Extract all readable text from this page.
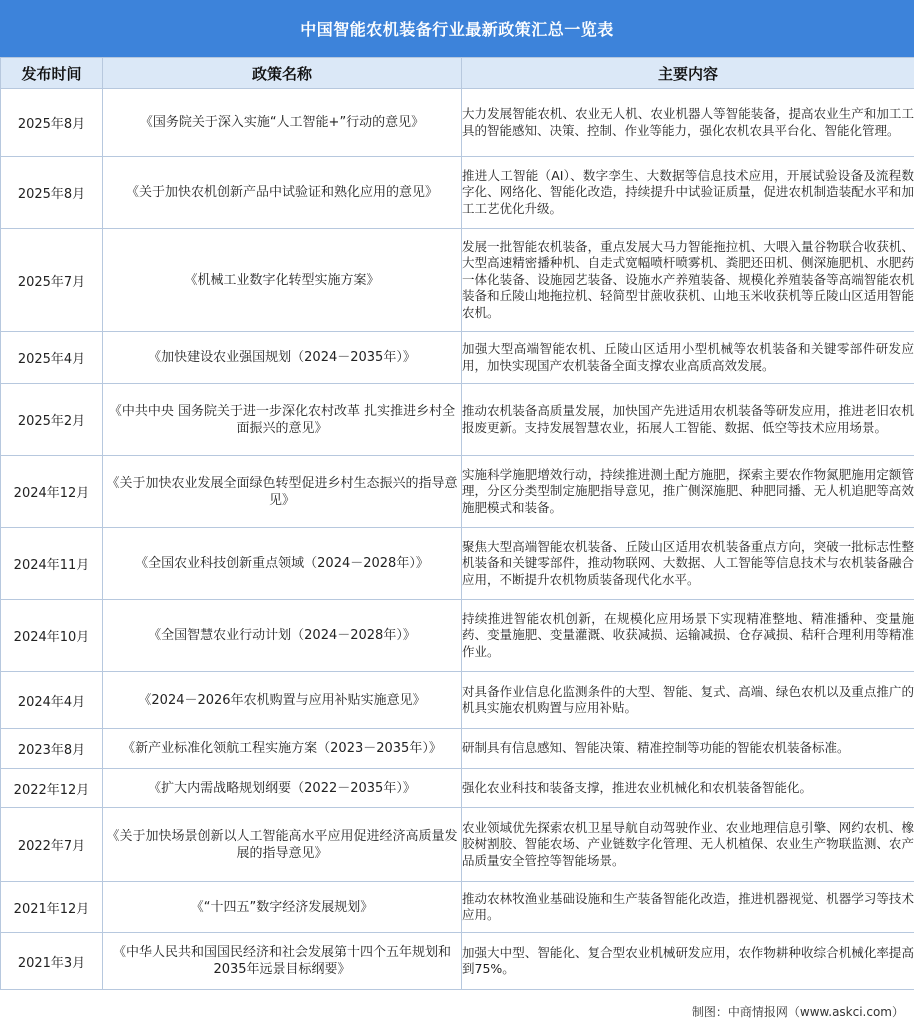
中国智能农机装备行业最新政策汇总一览表
发布时间	政策名称	主要内容
2025年8月	《国务院关于深入实施“人工智能+”行动的意见》	大力发展智能农机、农业无人机、农业机器人等智能装备，提高农业生产和加工工具的智能感知、决策、控制、作业等能力，强化农机农具平台化、智能化管理。
2025年8月	《关于加快农机创新产品中试验证和熟化应用的意见》	推进人工智能（AI）、数字孪生、大数据等信息技术应用，开展试验设备及流程数字化、网络化、智能化改造，持续提升中试验证质量，促进农机制造装配水平和加工工艺优化升级。
2025年7月	《机械工业数字化转型实施方案》	发展一批智能农机装备，重点发展大马力智能拖拉机、大喂入量谷物联合收获机、大型高速精密播种机、自走式宽幅喷杆喷雾机、粪肥还田机、侧深施肥机、水肥药一体化装备、设施园艺装备、设施水产养殖装备、规模化养殖装备等高端智能农机装备和丘陵山地拖拉机、轻简型甘蔗收获机、山地玉米收获机等丘陵山区适用智能农机。
2025年4月	《加快建设农业强国规划（2024－2035年）》	加强大型高端智能农机、丘陵山区适用小型机械等农机装备和关键零部件研发应用，加快实现国产农机装备全面支撑农业高质高效发展。
2025年2月	《中共中央 国务院关于进一步深化农村改革 扎实推进乡村全面振兴的意见》	推动农机装备高质量发展，加快国产先进适用农机装备等研发应用，推进老旧农机报废更新。支持发展智慧农业，拓展人工智能、数据、低空等技术应用场景。
2024年12月	《关于加快农业发展全面绿色转型促进乡村生态振兴的指导意见》	实施科学施肥增效行动，持续推进测土配方施肥，探索主要农作物氮肥施用定额管理，分区分类型制定施肥指导意见，推广侧深施肥、种肥同播、无人机追肥等高效施肥模式和装备。
2024年11月	《全国农业科技创新重点领域（2024－2028年）》	聚焦大型高端智能农机装备、丘陵山区适用农机装备重点方向，突破一批标志性整机装备和关键零部件，推动物联网、大数据、人工智能等信息技术与农机装备融合应用，不断提升农机物质装备现代化水平。
2024年10月	《全国智慧农业行动计划（2024－2028年）》	持续推进智能农机创新，在规模化应用场景下实现精准整地、精准播种、变量施药、变量施肥、变量灌溉、收获减损、运输减损、仓存减损、秸秆合理利用等精准作业。
2024年4月	《2024－2026年农机购置与应用补贴实施意见》	对具备作业信息化监测条件的大型、智能、复式、高端、绿色农机以及重点推广的机具实施农机购置与应用补贴。
2023年8月	《新产业标准化领航工程实施方案（2023－2035年）》	研制具有信息感知、智能决策、精准控制等功能的智能农机装备标准。
2022年12月	《扩大内需战略规划纲要（2022－2035年）》	强化农业科技和装备支撑，推进农业机械化和农机装备智能化。
2022年7月	《关于加快场景创新以人工智能高水平应用促进经济高质量发展的指导意见》	农业领域优先探索农机卫星导航自动驾驶作业、农业地理信息引擎、网约农机、橡胶树割胶、智能农场、产业链数字化管理、无人机植保、农业生产物联监测、农产品质量安全管控等智能场景。
2021年12月	《“十四五”数字经济发展规划》	推动农林牧渔业基础设施和生产装备智能化改造，推进机器视觉、机器学习等技术应用。
2021年3月	《中华人民共和国国民经济和社会发展第十四个五年规划和2035年远景目标纲要》	加强大中型、智能化、复合型农业机械研发应用，农作物耕种收综合机械化率提高到75%。
制图：中商情报网（www.askci.com）
